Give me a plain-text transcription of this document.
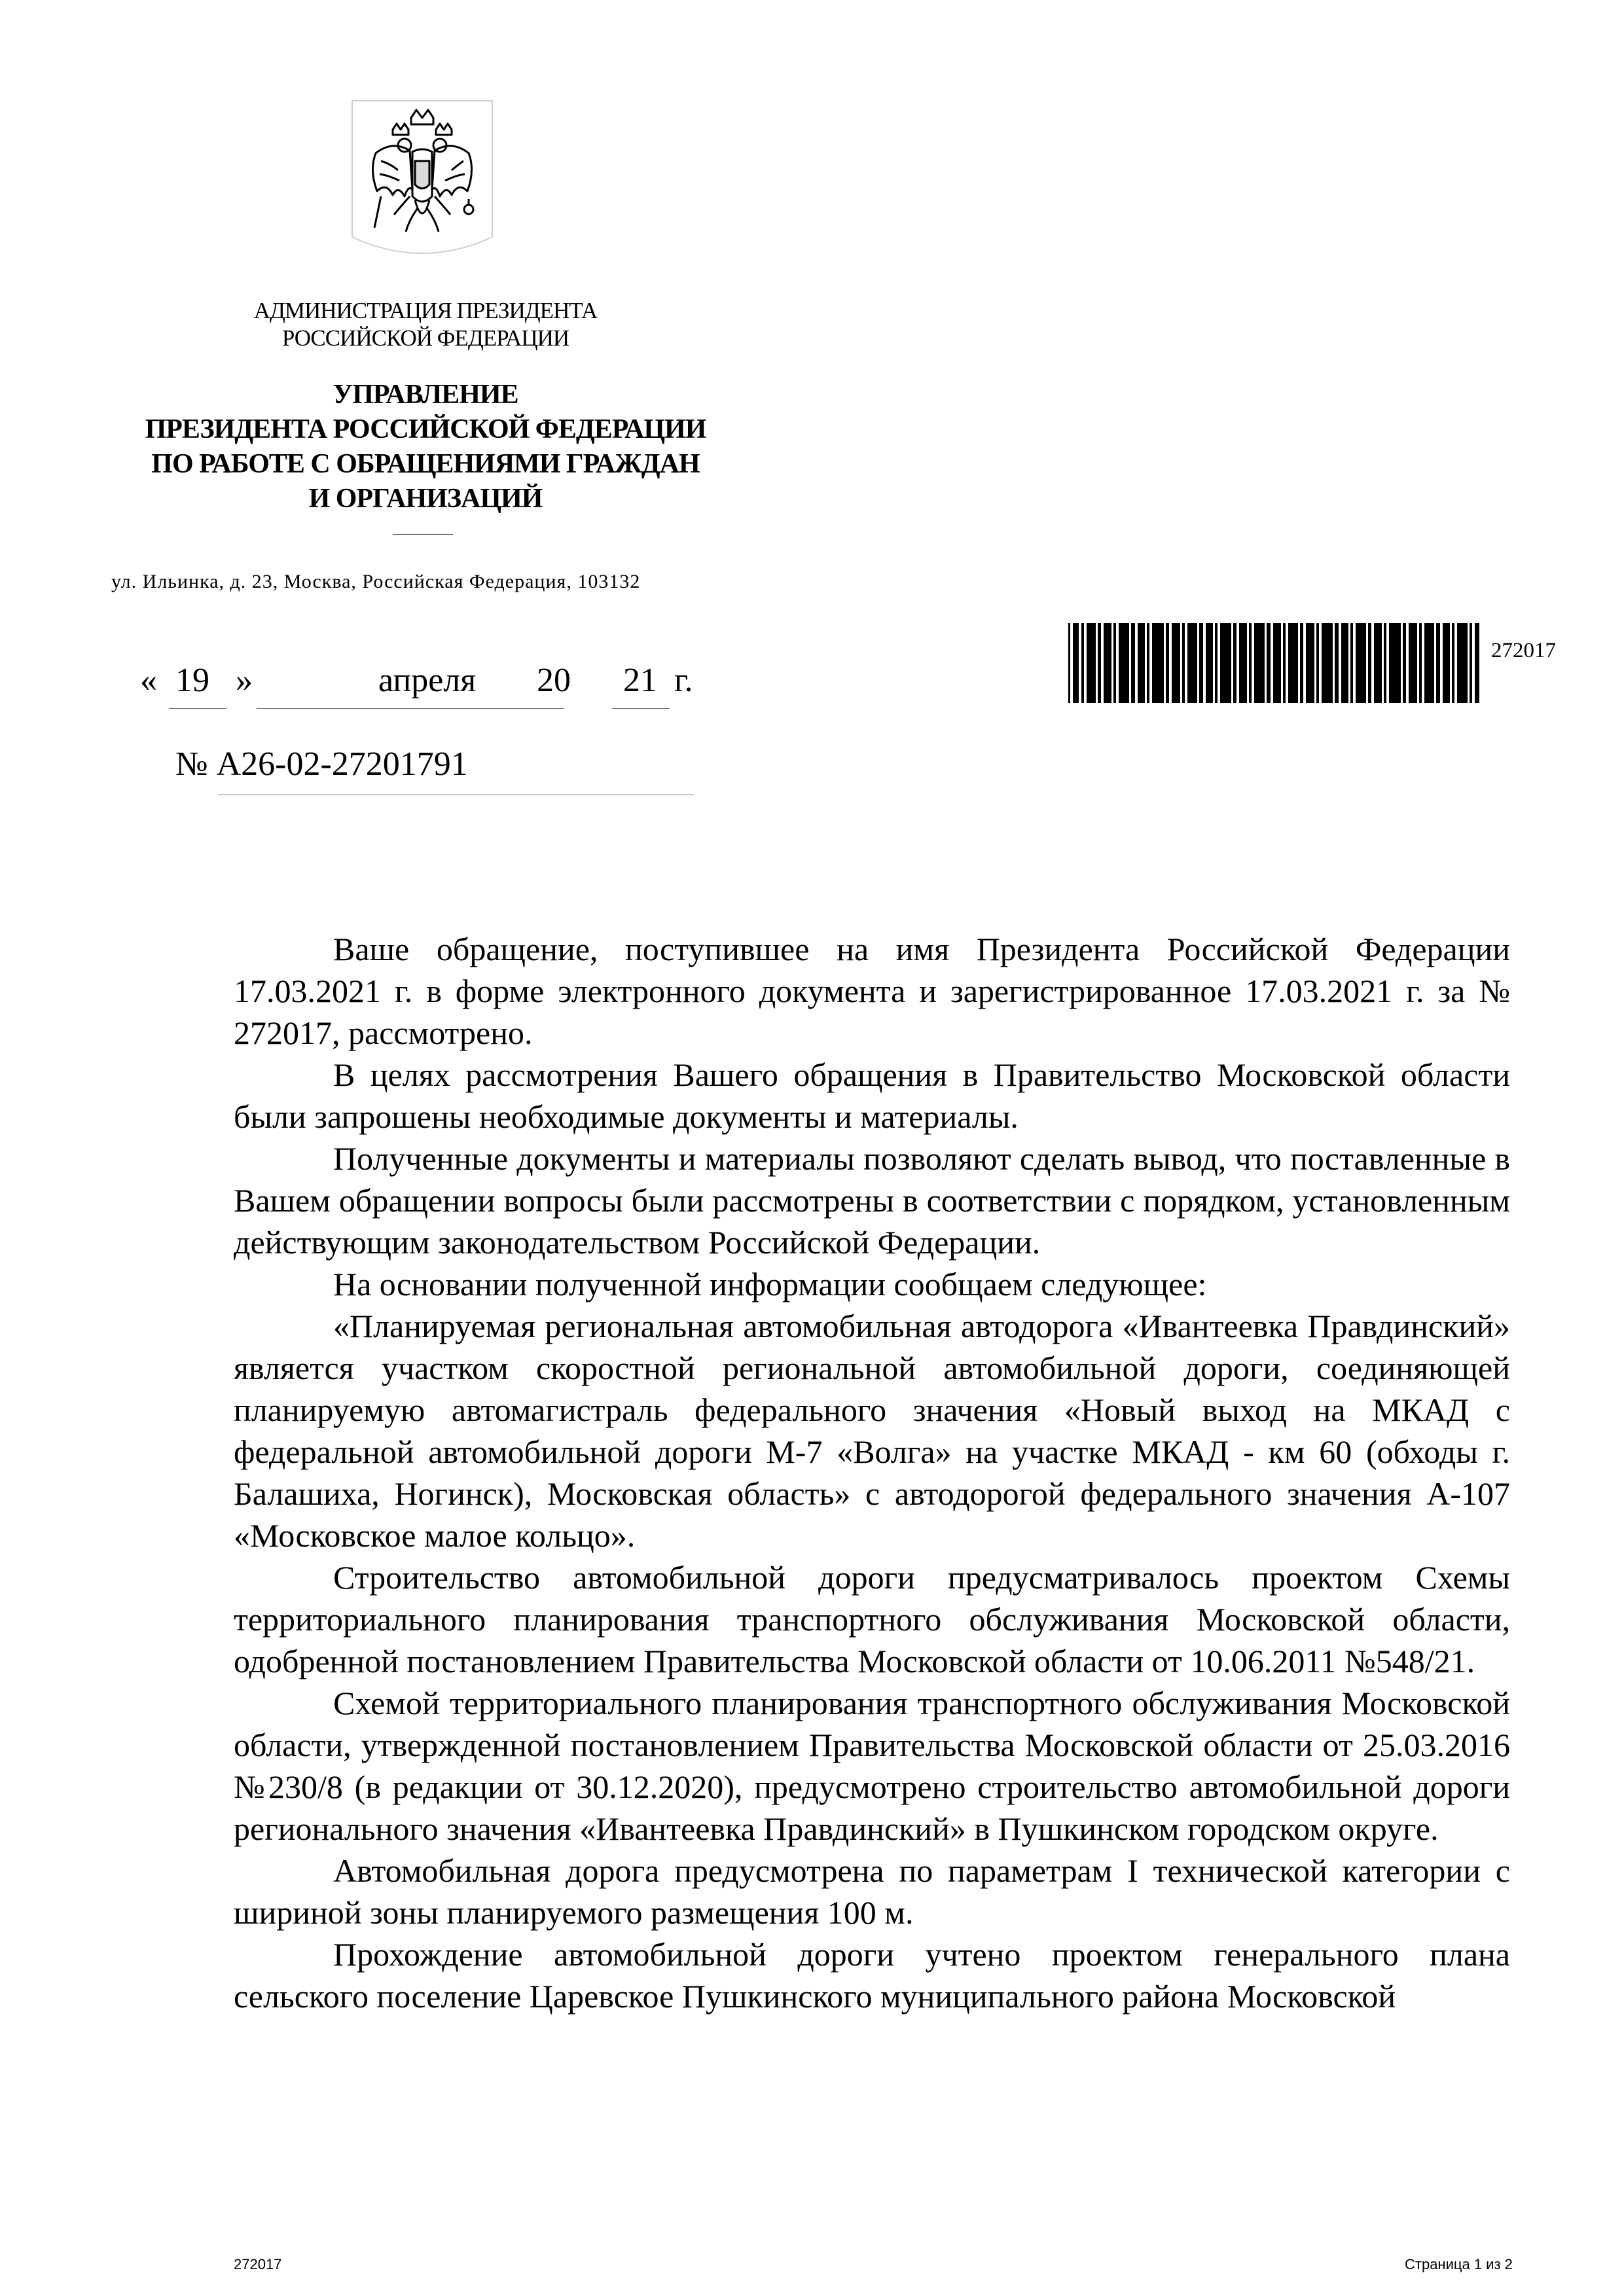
АДМИНИСТРАЦИЯ ПРЕЗИДЕНТА
РОССИЙСКОЙ ФЕДЕРАЦИИ
УПРАВЛЕНИЕ
ПРЕЗИДЕНТА РОССИЙСКОЙ ФЕДЕРАЦИИ
ПО РАБОТЕ С ОБРАЩЕНИЯМИ ГРАЖДАН
И ОРГАНИЗАЦИЙ
ул. Ильинка, д. 23, Москва, Российская Федерация, 103132
272017
« 19 »	апреля 20 21 г.
№ А26-02-27201791

Ваше обращение, поступившее на имя Президента Российской Федерации 17.03.2021 г. в форме электронного документа и зарегистрированное 17.03.2021 г. за № 272017, рассмотрено.

В целях рассмотрения Вашего обращения в Правительство Московской области были запрошены необходимые документы и материалы.

Полученные документы и материалы позволяют сделать вывод, что поставленные в Вашем обращении вопросы были рассмотрены в соответствии с порядком, установленным действующим законодательством Российской Федерации.

На основании полученной информации сообщаем следующее:

«Планируемая региональная автомобильная автодорога «Ивантеевка Правдинский» является участком скоростной региональной автомобильной дороги, соединяющей планируемую автомагистраль федерального значения «Новый выход на МКАД с федеральной автомобильной дороги М-7 «Волга» на участке МКАД - км 60 (обходы г. Балашиха, Ногинск), Московская область» с автодорогой федерального значения А-107 «Московское малое кольцо».

Строительство автомобильной дороги предусматривалось проектом Схемы территориального планирования транспортного обслуживания Московской области, одобренной постановлением Правительства Московской области от 10.06.2011 №548/21.

Схемой территориального планирования транспортного обслуживания Московской области, утвержденной постановлением Правительства Московской области от 25.03.2016 №230/8 (в редакции от 30.12.2020), предусмотрено строительство автомобильной дороги регионального значения «Ивантеевка Правдинский» в Пушкинском городском округе.

Автомобильная дорога предусмотрена по параметрам I технической категории с шириной зоны планируемого размещения 100 м.

Прохождение автомобильной дороги учтено проектом генерального плана сельского поселение Царевское Пушкинского муниципального района Московской

272017	Страница 1 из 2
